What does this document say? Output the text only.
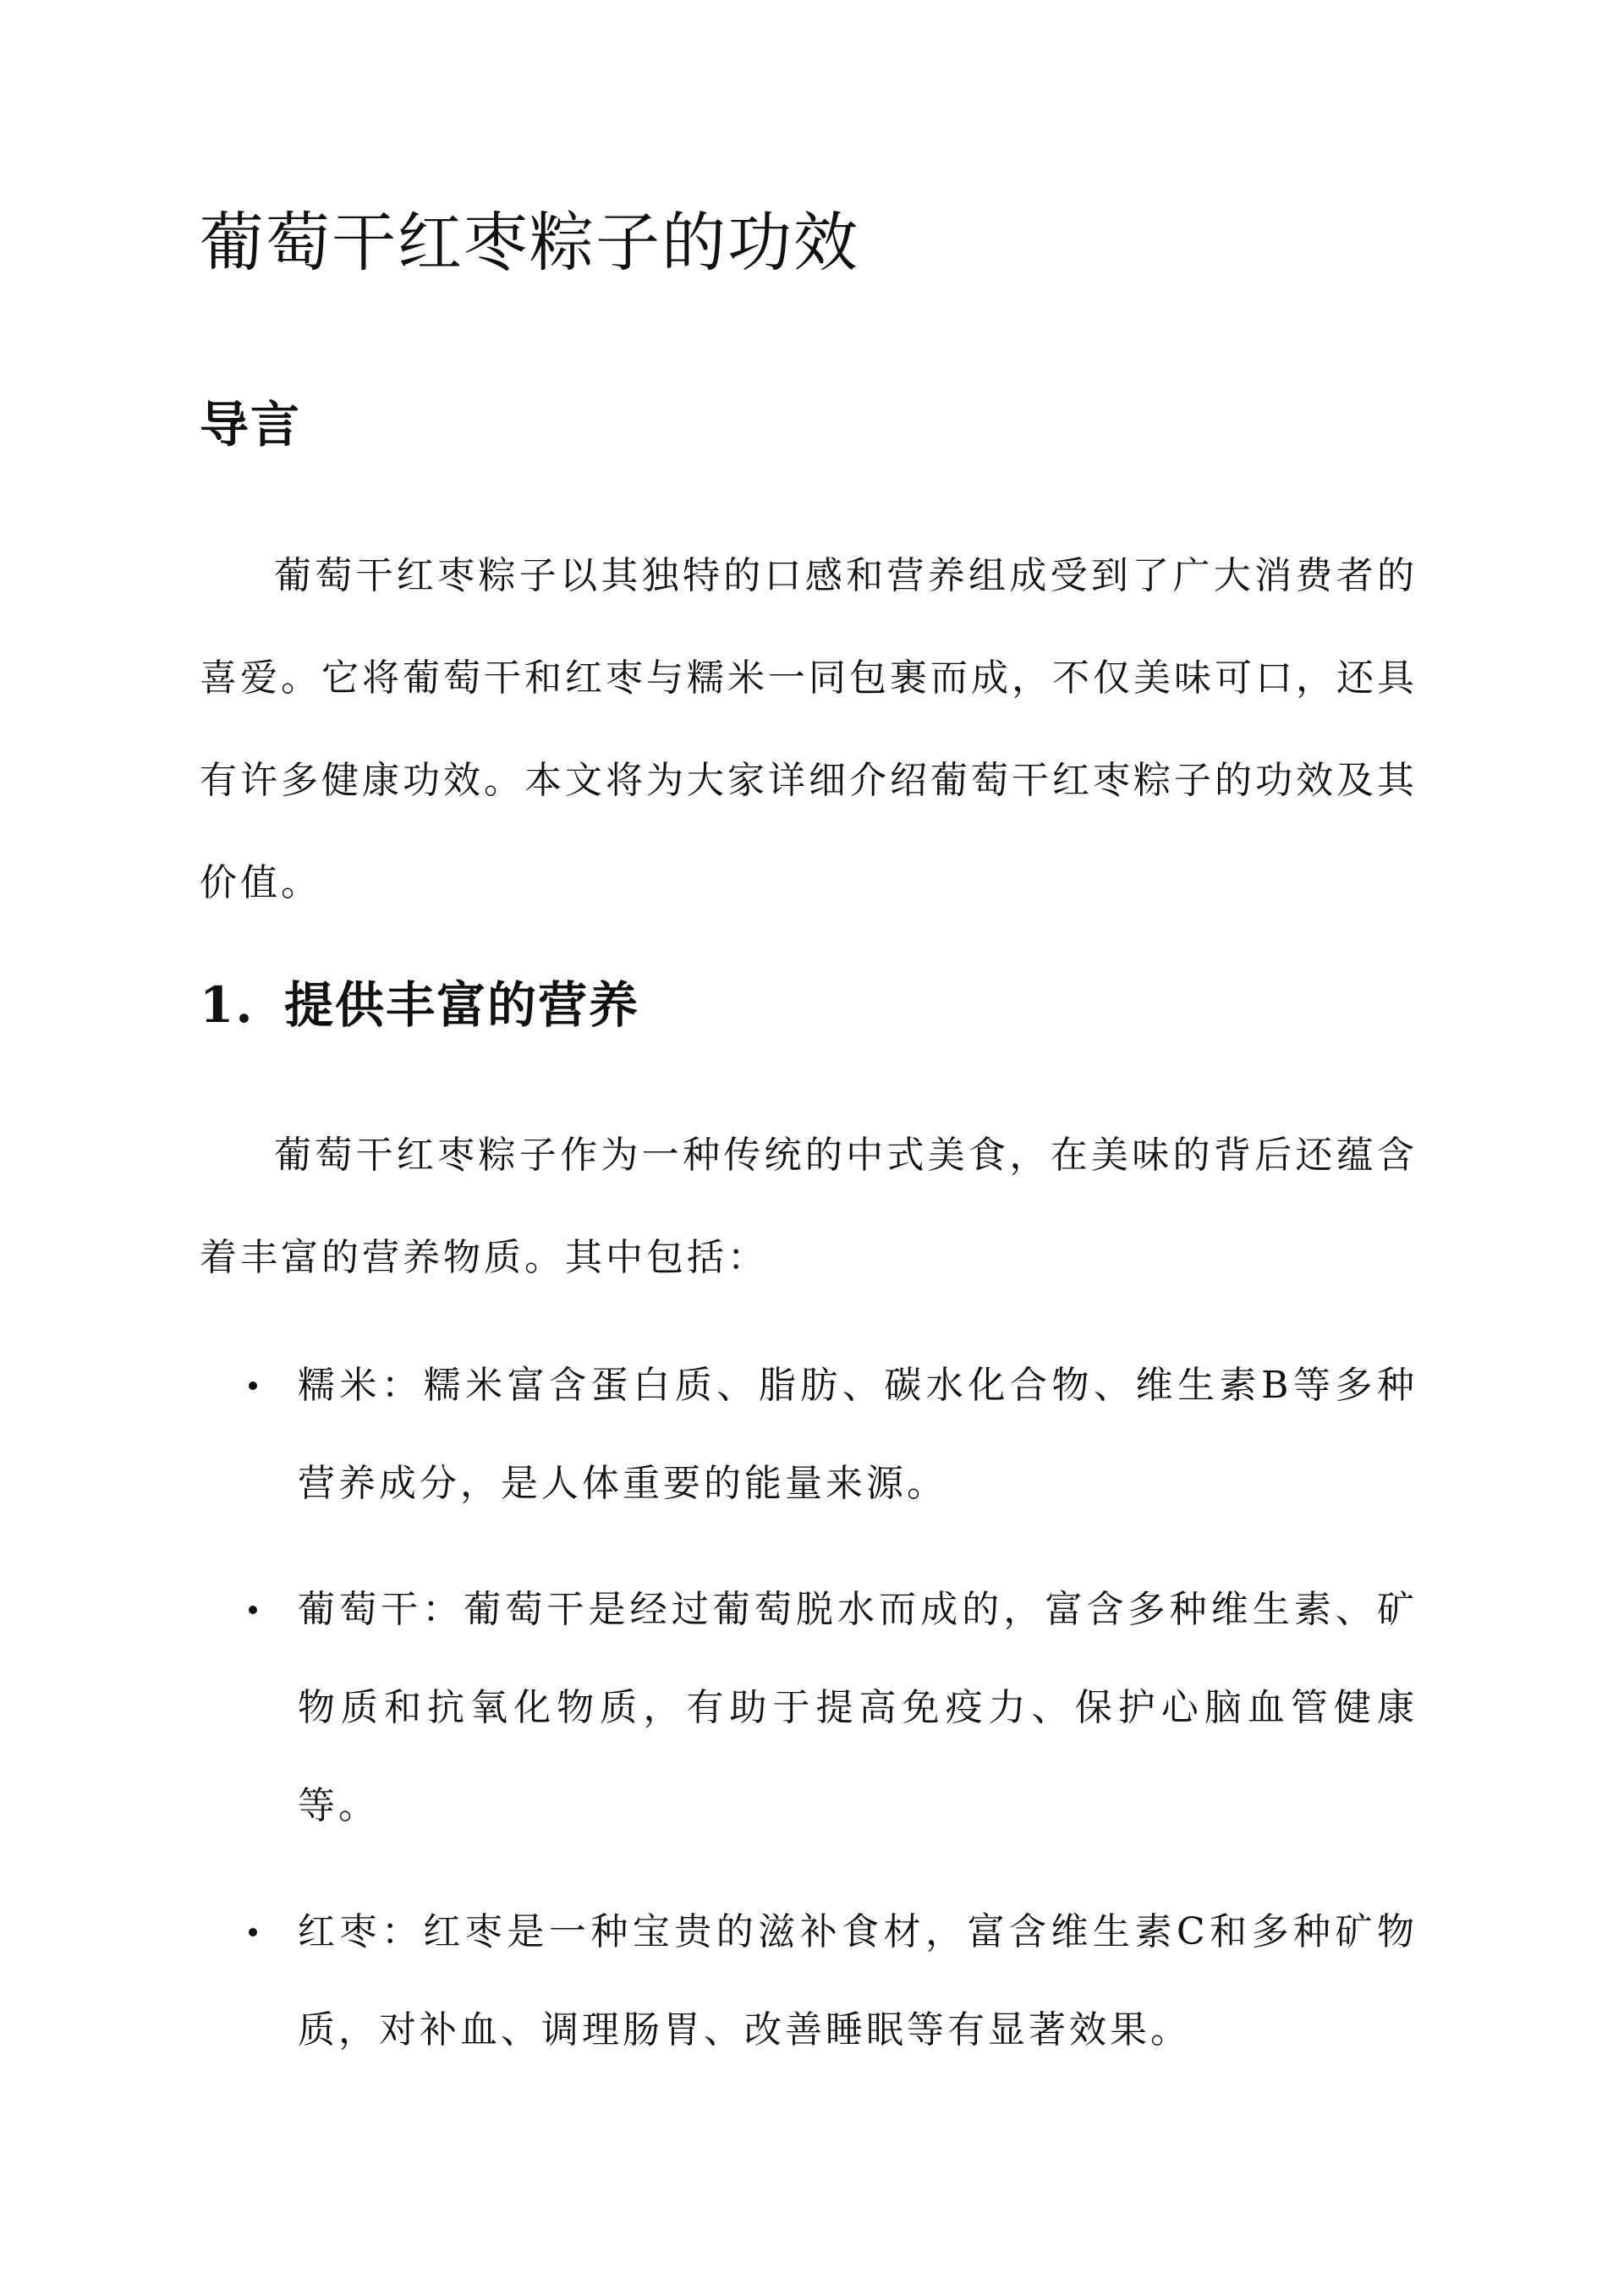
葡萄干红枣粽子的功效
导言

葡萄干红枣粽子以其独特的口感和营养组成受到了广大消费者的喜爱。它将葡萄干和红枣与糯米一同包裹而成，不仅美味可口，还具有许多健康功效。本文将为大家详细介绍葡萄干红枣粽子的功效及其价值。

1. 提供丰富的营养

葡萄干红枣粽子作为一种传统的中式美食，在美味的背后还蕴含着丰富的营养物质。其中包括：

糯米：糯米富含蛋白质、脂肪、碳水化合物、维生素B等多种营养成分，是人体重要的能量来源。
葡萄干：葡萄干是经过葡萄脱水而成的，富含多种维生素、矿物质和抗氧化物质，有助于提高免疫力、保护心脑血管健康等。
红枣：红枣是一种宝贵的滋补食材，富含维生素C和多种矿物质，对补血、调理肠胃、改善睡眠等有显著效果。
